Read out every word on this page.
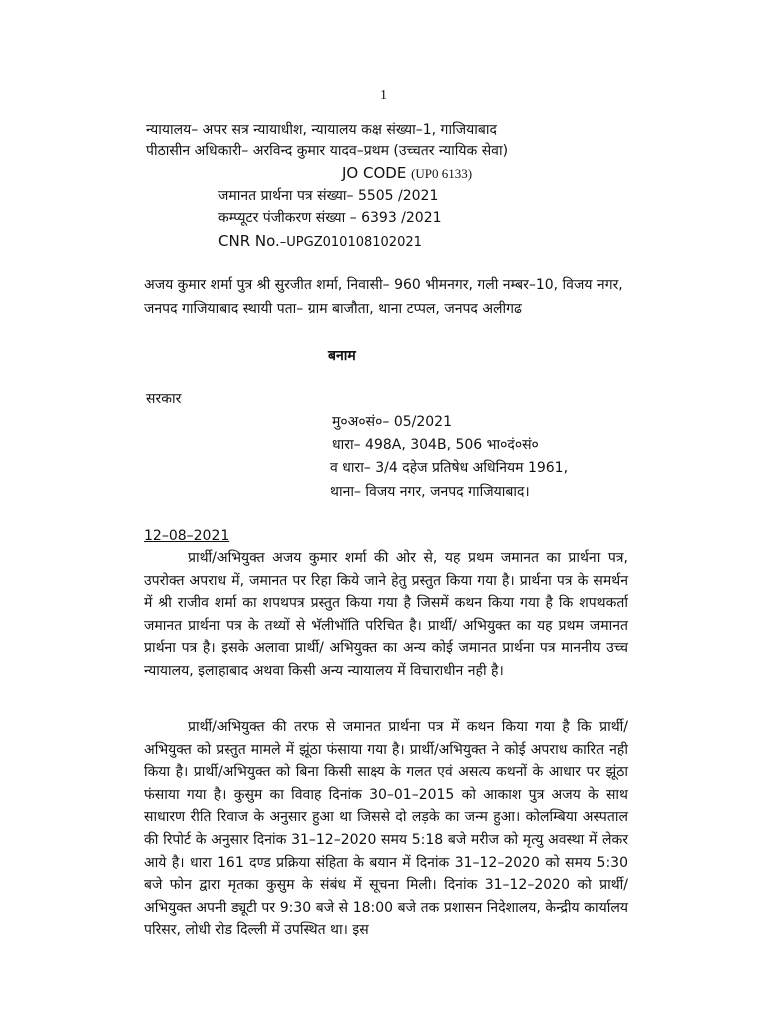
1
न्यायालय– अपर सत्र न्यायाधीश, न्यायालय कक्ष संख्या–1, गाजियाबाद
पीठासीन अधिकारी– अरविन्द कुमार यादव–प्रथम (उच्चतर न्यायिक सेवा)
JO CODE (UP0 6133)
जमानत प्रार्थना पत्र संख्या– 5505 /2021
कम्प्यूटर पंजीकरण संख्या – 6393 /2021
CNR No.–UPGZ010108102021
अजय कुमार शर्मा पुत्र श्री सुरजीत शर्मा, निवासी– 960 भीमनगर, गली नम्बर–10, विजय नगर, जनपद गाजियाबाद स्थायी पता– ग्राम बाजौता, थाना टप्पल, जनपद अलीगढ
बनाम
सरकार
मु०अ०सं०– 05/2021
धारा– 498A, 304B, 506 भा०दं०सं०
व धारा– 3/4 दहेज प्रतिषेध अधिनियम 1961,
थाना– विजय नगर, जनपद गाजियाबाद।
12–08–2021
प्रार्थी/अभियुक्त अजय कुमार शर्मा की ओर से, यह प्रथम जमानत का प्रार्थना पत्र, उपरोक्त अपराध में, जमानत पर रिहा किये जाने हेतु प्रस्तुत किया गया है। प्रार्थना पत्र के समर्थन में श्री राजीव शर्मा का शपथपत्र प्रस्तुत किया गया है जिसमें कथन किया गया है कि शपथकर्ता जमानत प्रार्थना पत्र के तथ्यों से भॅलीभॉति परिचित है। प्रार्थी/ अभियुक्त का यह प्रथम जमानत प्रार्थना पत्र है। इसके अलावा प्रार्थी/ अभियुक्त का अन्य कोई जमानत प्रार्थना पत्र माननीय उच्च न्यायालय, इलाहाबाद अथवा किसी अन्य न्यायालय में विचाराधीन नही है।
प्रार्थी/अभियुक्त की तरफ से जमानत प्रार्थना पत्र में कथन किया गया है कि प्रार्थी/ अभियुक्त को प्रस्तुत मामले में झूंठा फंसाया गया है। प्रार्थी/अभियुक्त ने कोई अपराध कारित नही किया है। प्रार्थी/अभियुक्त को बिना किसी साक्ष्य के गलत एवं असत्य कथनों के आधार पर झूंठा फंसाया गया है। कुसुम का विवाह दिनांक 30–01–2015 को आकाश पुत्र अजय के साथ साधारण रीति रिवाज के अनुसार हुआ था जिससे दो लड़के का जन्म हुआ। कोलम्बिया अस्पताल की रिपोर्ट के अनुसार दिनांक 31–12–2020 समय 5:18 बजे मरीज को मृत्यु अवस्था में लेकर आये है। धारा 161 दण्ड प्रक्रिया संहिता के बयान में दिनांक 31–12–2020 को समय 5:30 बजे फोन द्वारा मृतका कुसुम के संबंध में सूचना मिली। दिनांक 31–12–2020 को प्रार्थी/अभियुक्त अपनी ड्यूटी पर 9:30 बजे से 18:00 बजे तक प्रशासन निदेशालय, केन्द्रीय कार्यालय परिसर, लोधी रोड दिल्ली में उपस्थित था। इस
